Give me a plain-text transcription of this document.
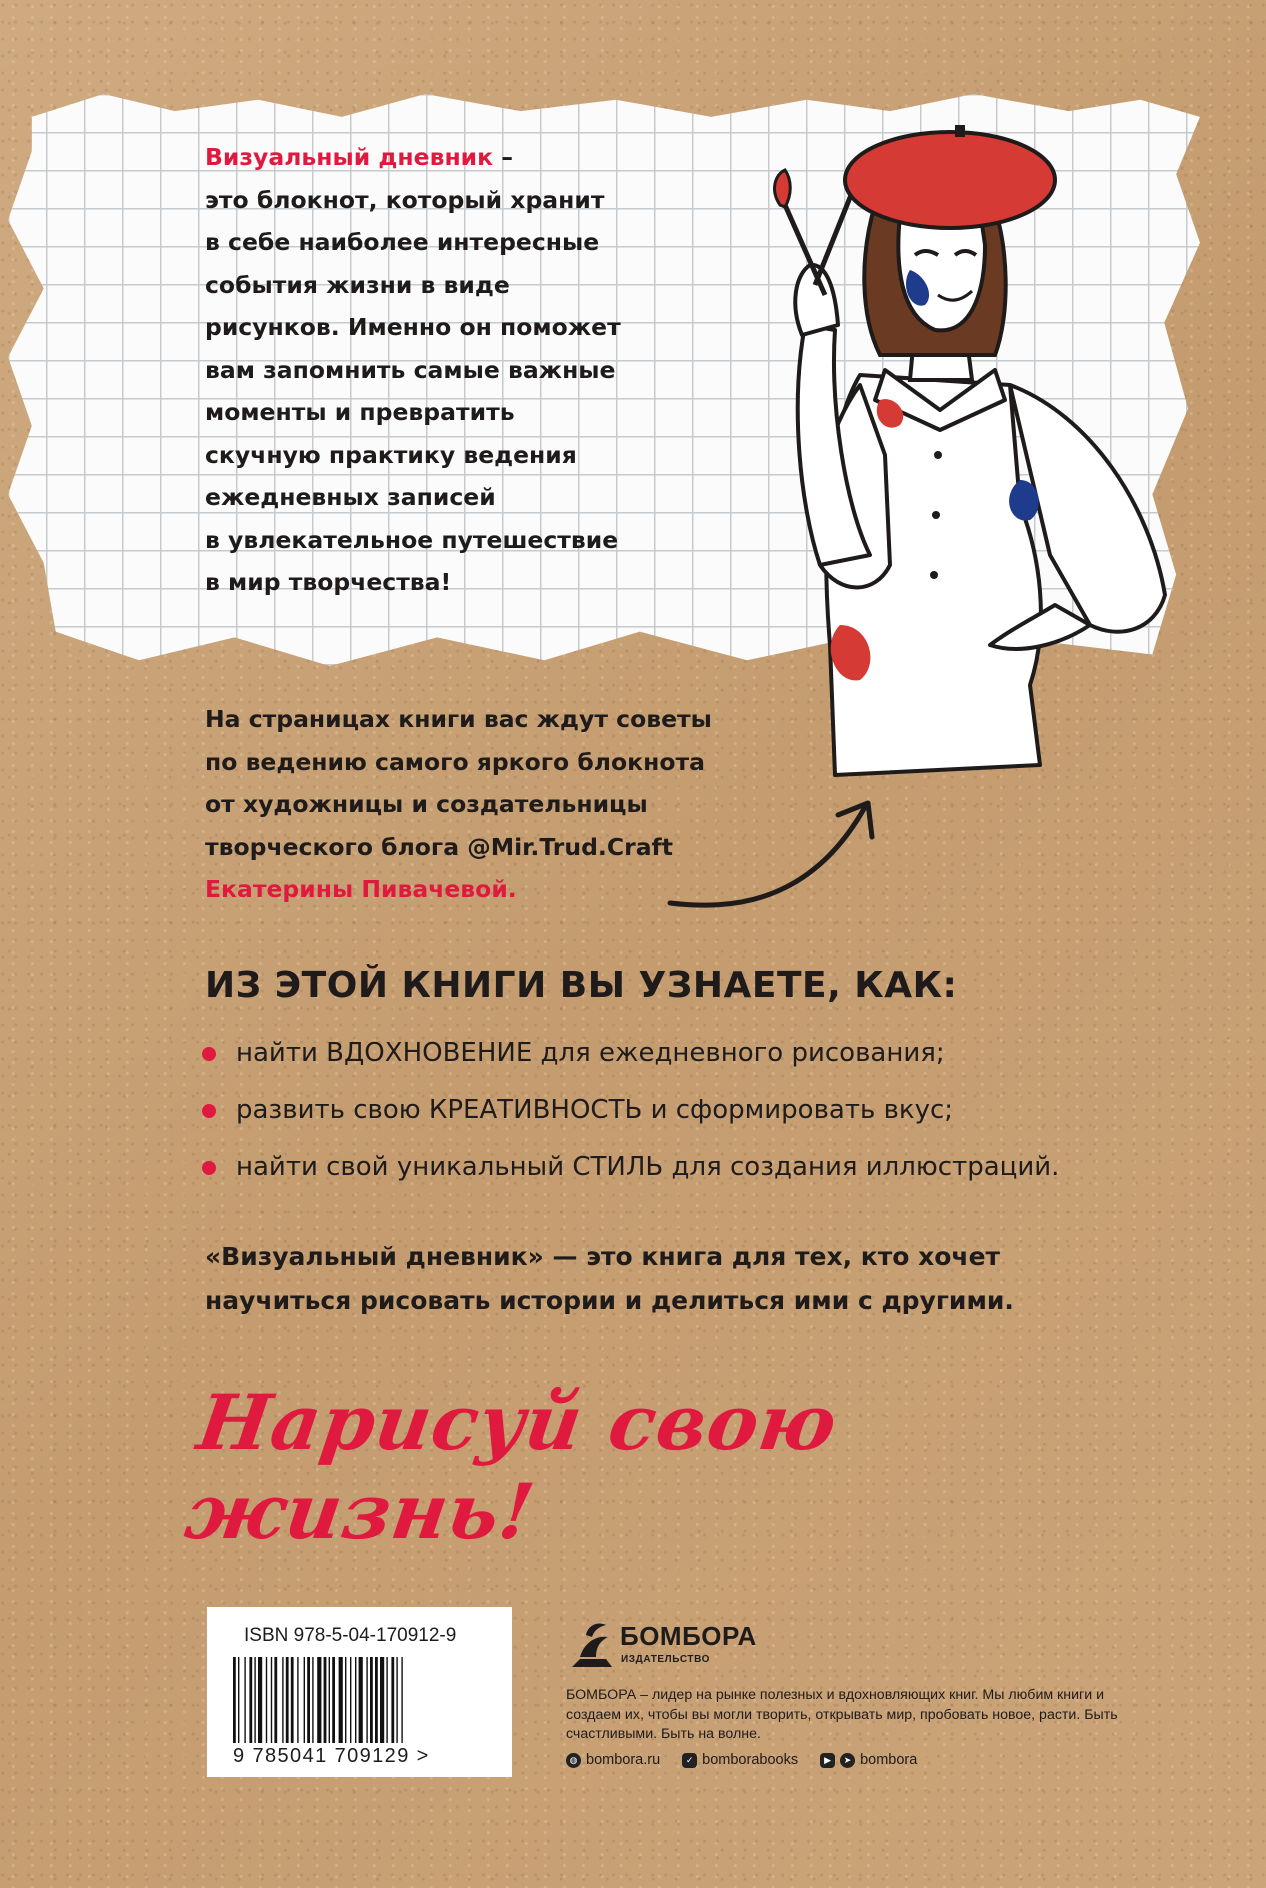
Визуальный дневник –
это блокнот, который хранит
в себе наиболее интересные
события жизни в виде
рисунков. Именно он поможет
вам запомнить самые важные
моменты и превратить
скучную практику ведения
ежедневных записей
в увлекательное путешествие
в мир творчества!
На страницах книги вас ждут советы
по ведению самого яркого блокнота
от художницы и создательницы
творческого блога @Mir.Trud.Craft
Екатерины Пивачевой.
ИЗ ЭТОЙ КНИГИ ВЫ УЗНАЕТЕ, КАК:
найти ВДОХНОВЕНИЕ для ежедневного рисования;
развить свою КРЕАТИВНОСТЬ и сформировать вкус;
найти свой уникальный СТИЛЬ для создания иллюстраций.
«Визуальный дневник» — это книга для тех, кто хочет
научиться рисовать истории и делиться ими с другими.
Нарисуй свою жизнь!
ISBN 978-5-04-170912-9
9 785041 709129 >
БОМБОРА
ИЗДАТЕЛЬСТВО
БОМБОРА – лидер на рынке полезных и вдохновляющих книг. Мы любим книги и создаем их, чтобы вы могли творить, открывать мир, пробовать новое, расти. Быть счастливыми. Быть на волне.
◍ bombora.ru	✓ bomborabooks	▶	➤ bombora
